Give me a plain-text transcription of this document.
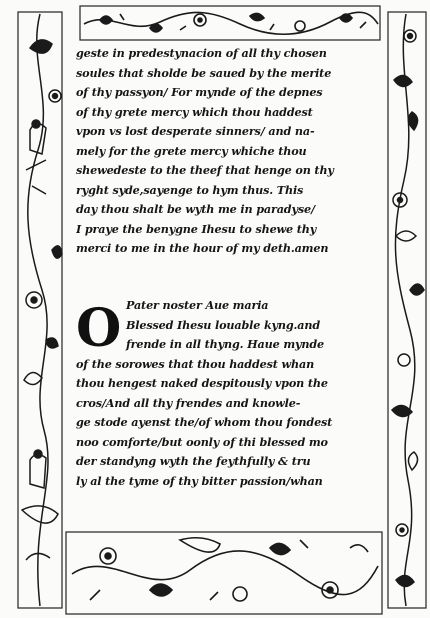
geste in predestynacion of all thy chosen
soules that sholde be saued by the merite
of thy passyon/ For mynde of the depnes
of thy grete mercy which thou haddest
vpon vs lost desperate sinners/ and na-
mely for the grete mercy whiche thou
shewedeste to the theef that henge on thy
ryght syde,sayenge to hym thus. This
day thou shalt be wyth me in paradyse/
I praye the benygne Ihesu to shewe thy
merci to me in the hour of my deth.amen
O Pater noster Aue maria
Blessed Ihesu louable kyng.and
frende in all thyng. Haue mynde
of the sorowes that thou haddest whan
thou hengest naked despitously vpon the
cros/And all thy frendes and knowle-
ge stode ayenst the/of whom thou fondest
noo comforte/but oonly of thi blessed mo
der standyng wyth the feythfully & tru
ly al the tyme of thy bitter passion/whan
